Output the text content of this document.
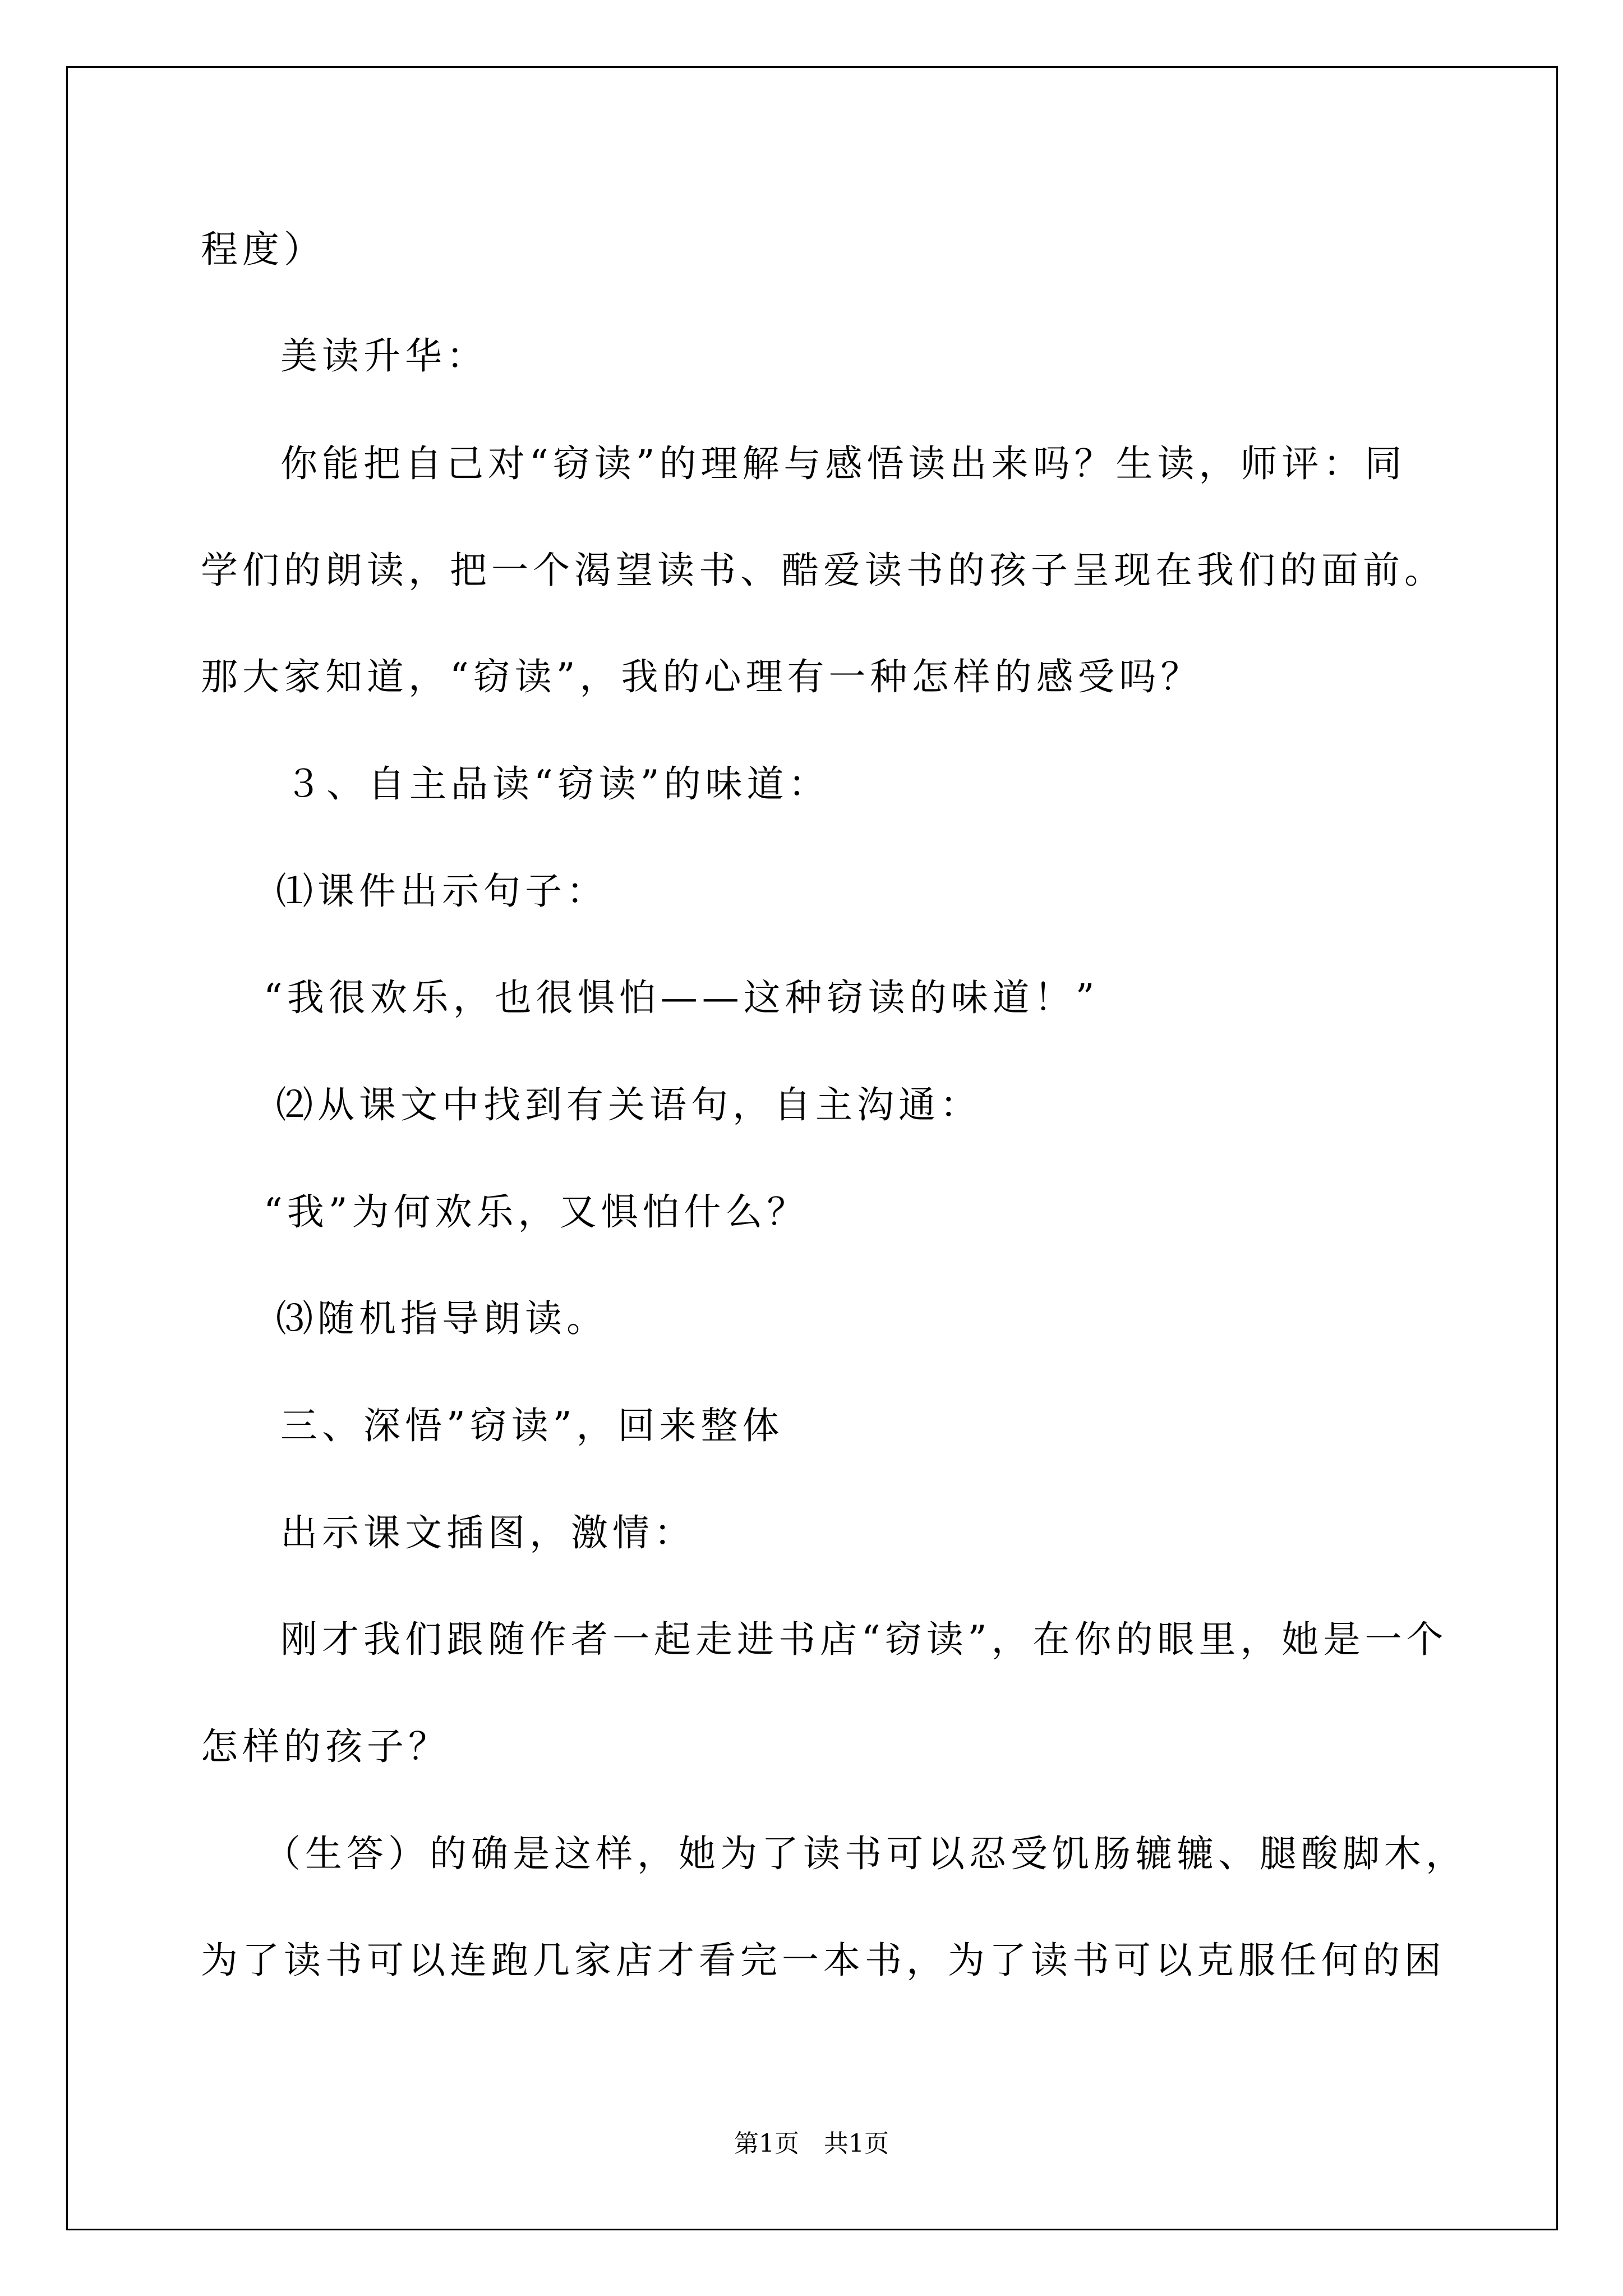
程度）
美读升华：
你能把自己对“窃读”的理解与感悟读出来吗？生读，师评：同
学们的朗读，把一个渴望读书、酷爱读书的孩子呈现在我们的面前。
那大家知道，“窃读”，我的心理有一种怎样的感受吗？
３、自主品读“窃读”的味道：
⑴课件出示句子：
“我很欢乐，也很惧怕——这种窃读的味道！”
⑵从课文中找到有关语句，自主沟通：
“我”为何欢乐，又惧怕什么？
⑶随机指导朗读。
三、深悟”窃读”，回来整体
出示课文插图，激情：
刚才我们跟随作者一起走进书店“窃读”，在你的眼里，她是一个
怎样的孩子？
（生答）的确是这样，她为了读书可以忍受饥肠辘辘、腿酸脚木，
为了读书可以连跑几家店才看完一本书，为了读书可以克服任何的困
第1页　共1页
